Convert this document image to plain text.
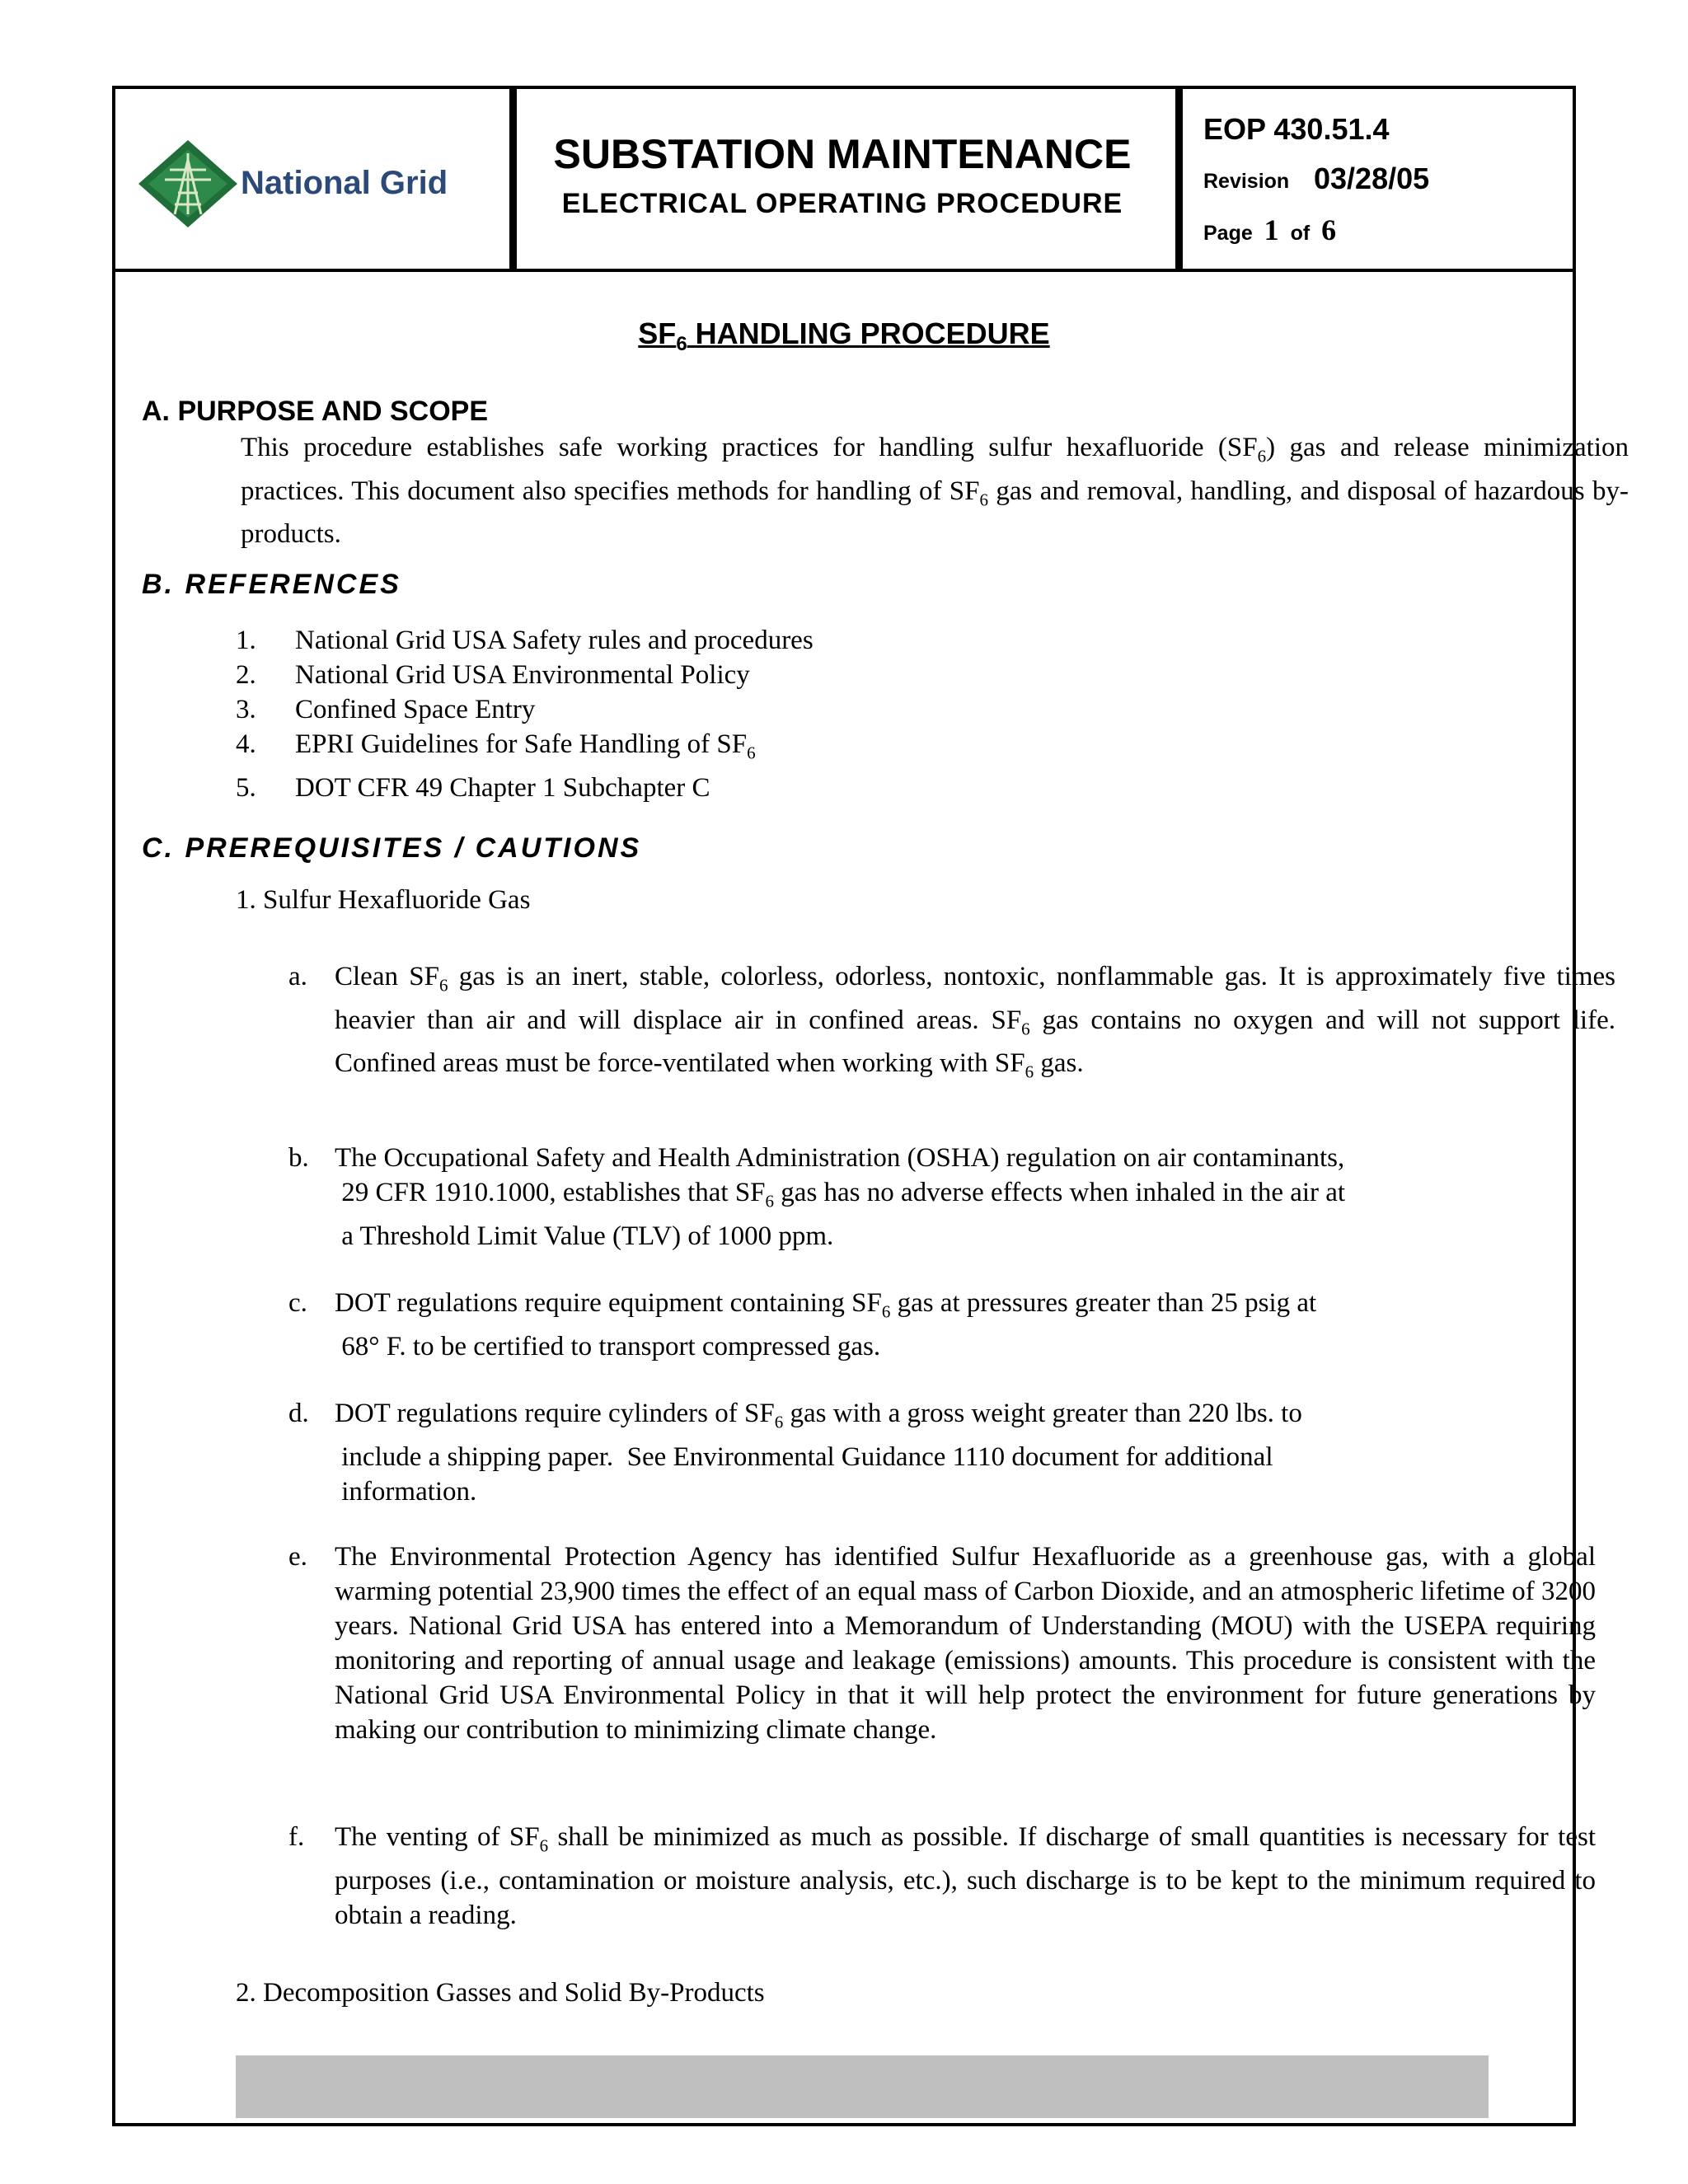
National Grid
SUBSTATION MAINTENANCE
ELECTRICAL OPERATING PROCEDURE
EOP 430.51.4
Revision 03/28/05
Page 1 of 6
$SF_6$ HANDLING PROCEDURE
A. PURPOSE AND SCOPE
This procedure establishes safe working practices for handling sulfur hexafluoride $(SF_6)$ gas and release minimization practices. This document also specifies methods for handling of $SF_6$ gas and removal, handling, and disposal of hazardous by-products.
B. REFERENCES
1.	National Grid USA Safety rules and procedures
2.	National Grid USA Environmental Policy
3.	Confined Space Entry
4.	EPRI Guidelines for Safe Handling of $SF_6$
5.	DOT CFR 49 Chapter 1 Subchapter C
C. PREREQUISITES / CAUTIONS
1. Sulfur Hexafluoride Gas
a.	Clean $SF_6$ gas is an inert, stable, colorless, odorless, nontoxic, nonflammable gas. It is approximately five times heavier than air and will displace air in confined areas. $SF_6$ gas contains no oxygen and will not support life. Confined areas must be force-ventilated when working with $SF_6$ gas.
b. The Occupational Safety and Health Administration (OSHA) regulation on air contaminants,
29 CFR 1910.1000, establishes that $SF_6$ gas has no adverse effects when inhaled in the air at
a Threshold Limit Value (TLV) of 1000 ppm.
c.	DOT regulations require equipment containing $SF_6$ gas at pressures greater than 25 psig at
68° F. to be certified to transport compressed gas.
d. DOT regulations require cylinders of $SF_6$ gas with a gross weight greater than 220 lbs. to
include a shipping paper.  See Environmental Guidance 1110 document for additional
information.
e.	The Environmental Protection Agency has identified Sulfur Hexafluoride as a greenhouse gas, with a global warming potential 23,900 times the effect of an equal mass of Carbon Dioxide, and an atmospheric lifetime of 3200 years. National Grid USA has entered into a Memorandum of Understanding (MOU) with the USEPA requiring monitoring and reporting of annual usage and leakage (emissions) amounts. This procedure is consistent with the National Grid USA Environmental Policy in that it will help protect the environment for future generations by making our contribution to minimizing climate change.
f.	The venting of $SF_6$ shall be minimized as much as possible. If discharge of small quantities is necessary for test purposes (i.e., contamination or moisture analysis, etc.), such discharge is to be kept to the minimum required to obtain a reading.
2. Decomposition Gasses and Solid By-Products
